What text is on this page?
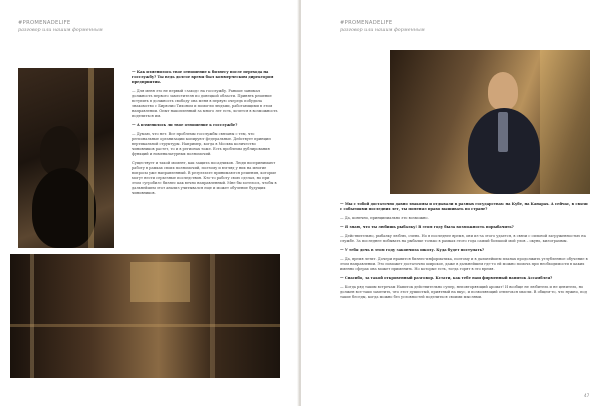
#PROMENADELIFE
разговор или нашим форменным

— Как изменилось твое отношение к бизнесу после перехода на госслужбу? Ты ведь долгое время был коммерческим директором предприятия.

— Для меня это не первый «заход» на госслужбу. Раньше занимал должность первого заместителя по донецкой области. Принять решение вступить в должность свободу она меня в первую очередь побудила знакомство с Бирюлио Тихоном и помогли людьми, работающими в этом направлении. Опыт накопленный за много лет есть, хочется в возможность поделиться им.

— А изменилось ли твое отношение к госслужбе?

— Думаю, что нет. Все проблемы госслужбы связаны с тем, что региональные организации копируют федеральные. Действует принцип вертикальной структуры. Например, когда в Москва количество чиновников растет, то и в регионах тоже. Есть проблемы дублирования функций и номенклатурных полномочий.

Существует и такой момент, как защита посадчиков. Люди воспринимают работу в рамках своих полномочий, поэтому и взгляд у них на многие вопросы уже направленный. В результате принимаются решения, которые могут нести серьезные последствия. Кто-то работу свою сделал, но при этом «угробил» бизнес как вечно направленный. Мне бы хотелось, чтобы в дальнейшем этот анализ учитывался еще и может обучение будущих чиновников.

#PROMENADELIFE
разговор или нашим форменным

— Мы с тобой достаточно давно знакомы и отдыхали в разных государствах: на Кубе, на Канарах. А сейчас, в связи с событиями последних лет, ты поменял право вышивать по стране?

— Да, конечно, принципиально это возможно.

— Я знаю, что ты любишь рыбалку! В этом году была возможность порыбачить?

— Действительно, рыбалку люблю, очень. Но в последнее время, они из-за этого удается, в связи с сильной загруженностью на службе. За последнее побывать на рыбалке только в рамках этого года самый большой мой улов – окунь, килограммы.

— У тебя дочь в этом году закончила школу. Куда будет поступать?

— Да, время летит. Дочери нравится бизнес-информатика, поэтому и в дальнейшем планах продолжить углубленное обучение в этом направлении. Это поможет достаточно широкое, даже в дальнейшем где-то ей можно помочь при необходимости в каких именно сферах она может применить. Но которые есть, тогда горят в это время.

— Спасибо, за такой откровенный разговор. Кстати, как тебе наш фирменный напиток Ассамблея?

— Когда ряд таким встречам Напиток действительно супер, неповторяющий аромат! И вообще не любитель и не ценитель, но должен все-таки заметить, что этот душистый, приятный на вкус, и позволяющий отвлечься мысли. В общем-то, что нужно, под такие беседы, когда можно без условностей поделиться своими мыслями.

47
